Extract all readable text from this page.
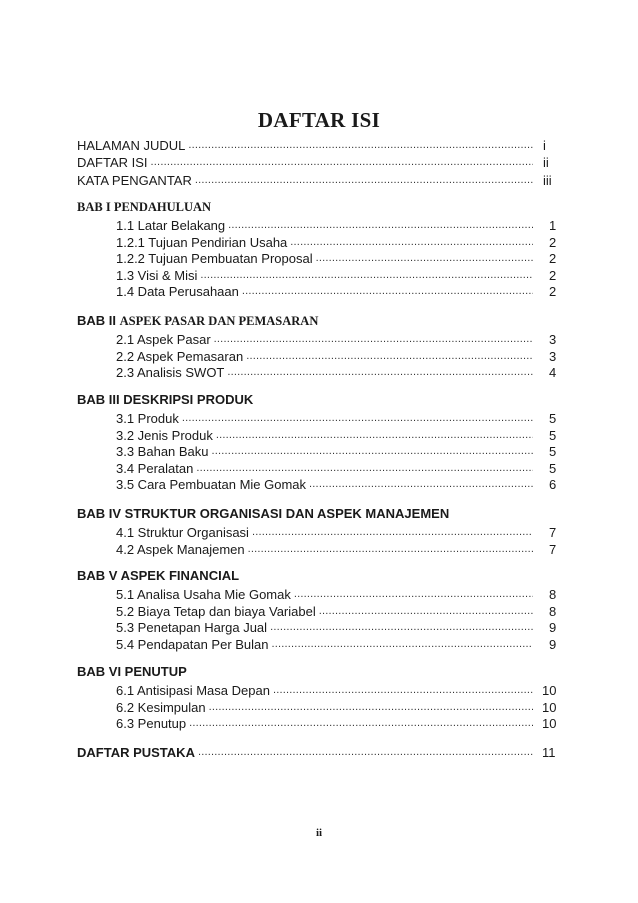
DAFTAR ISI
HALAMAN JUDUL .....	i
DAFTAR ISI .....	ii
KATA PENGANTAR .....	iii
BAB I PENDAHULUAN
1.1 Latar Belakang .....	1
1.2.1 Tujuan Pendirian Usaha .....	2
1.2.2 Tujuan Pembuatan Proposal .....	2
1.3 Visi & Misi .....	2
1.4 Data Perusahaan .....	2
BAB II ASPEK PASAR DAN PEMASARAN
2.1 Aspek Pasar .....	3
2.2 Aspek Pemasaran .....	3
2.3 Analisis SWOT .....	4
BAB III DESKRIPSI PRODUK
3.1 Produk .....	5
3.2 Jenis Produk .....	5
3.3 Bahan Baku .....	5
3.4 Peralatan .....	5
3.5 Cara Pembuatan Mie Gomak .....	6
BAB IV STRUKTUR ORGANISASI DAN ASPEK MANAJEMEN
4.1 Struktur Organisasi .....	7
4.2 Aspek Manajemen .....	7
BAB V ASPEK FINANCIAL
5.1 Analisa Usaha Mie Gomak .....	8
5.2 Biaya Tetap dan biaya Variabel .....	8
5.3 Penetapan Harga Jual .....	9
5.4 Pendapatan Per Bulan .....	9
BAB VI PENUTUP
6.1 Antisipasi Masa Depan .....	10
6.2 Kesimpulan .....	10
6.3 Penutup .....	10
DAFTAR PUSTAKA .....	11
ii
